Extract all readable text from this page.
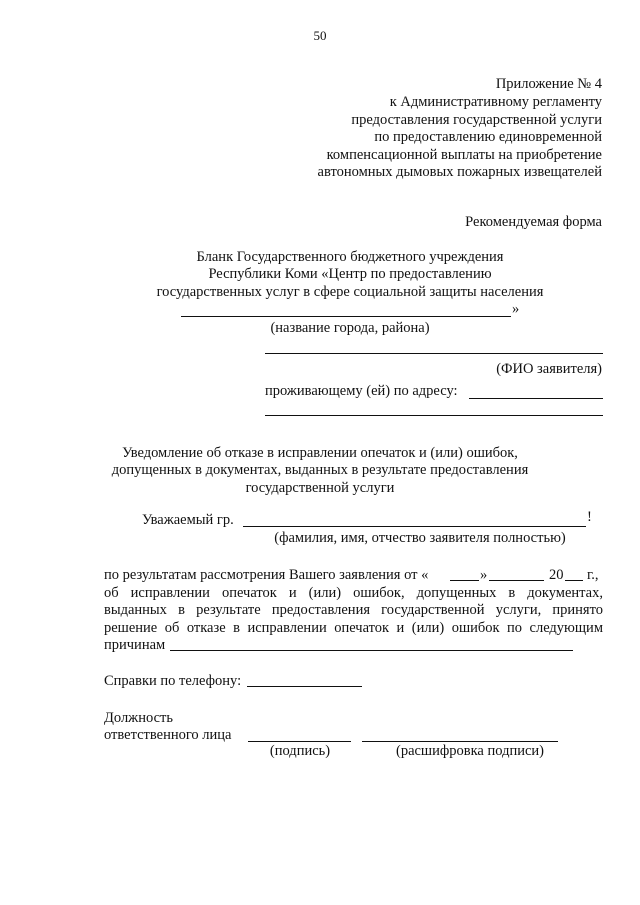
50
Приложение № 4
к Административному регламенту
предоставления государственной услуги
по предоставлению единовременной
компенсационной выплаты на приобретение
автономных дымовых пожарных извещателей
Рекомендуемая форма
Бланк Государственного бюджетного учреждения
Республики Коми «Центр по предоставлению
государственных услуг в сфере социальной защиты населения
»
(название города, района)
(ФИО заявителя)
проживающему (ей) по адресу:
Уведомление об отказе в исправлении опечаток и (или) ошибок,
допущенных в документах, выданных в результате предоставления
государственной услуги
Уважаемый гр.	!
(фамилия, имя, отчество заявителя полностью)
по результатам рассмотрения Вашего заявления от «	»	20 г.,
об исправлении опечаток и (или) ошибок, допущенных в документах,
выданных в результате предоставления государственной услуги, принято
решение об отказе в исправлении опечаток и (или) ошибок по следующим
причинам
Справки по телефону:
Должность
ответственного лица
(подпись)	(расшифровка подписи)
